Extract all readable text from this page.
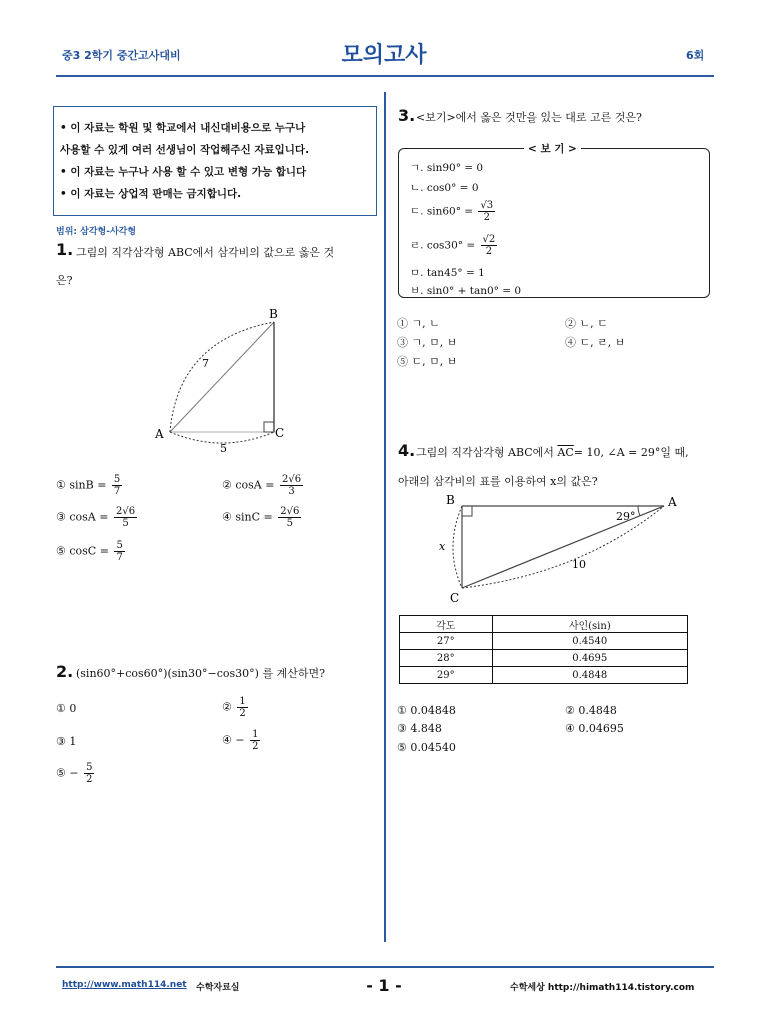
중3 2학기 중간고사대비	모의고사	6회
• 이 자료는 학원 및 학교에서 내신대비용으로 누구나
사용할 수 있게 여러 선생님이 작업해주신 자료입니다.
• 이 자료는 누구나 사용 할 수 있고 변형 가능 합니다
• 이 자료는 상업적 판매는 금지합니다.
범위: 삼각형-사각형
1. 그림의 직각삼각형 ABC에서 삼각비의 값으로 옳은 것
은?
A
B
C
7
5
① $\sin B = \frac{5}{7}$	② $\cos A = \frac{2√6}{3}$
③ $\cos A = \frac{2√6}{5}$	④ $\sin C = \frac{2√6}{5}$
⑤ $\cos C = \frac{5}{7}$
2. (sin60°+cos60°)(sin30°−cos30°) 를 계산하면?
① 0	② $\frac{1}{2}$
③ 1	④ − $\frac{1}{2}$
⑤ − $\frac{5}{2}$
3. <보기>에서 옳은 것만을 있는 대로 고른 것은?
< 보 기 >
ㄱ. sin90° = 0
ㄴ. cos0° = 0
ㄷ. $\sin 60^\circ = \frac{√3}{2}$
ㄹ. $\cos 30^\circ = \frac{√2}{2}$
ㅁ. tan45° = 1
ㅂ. sin0° + tan0° = 0
① ㄱ, ㄴ	② ㄴ, ㄷ
③ ㄱ, ㅁ, ㅂ	④ ㄷ, ㄹ, ㅂ
⑤ ㄷ, ㅁ, ㅂ
4. 그림의 직각삼각형 ABC에서 $\overline{AC}= 10$, ∠A = 29°일 때,
아래의 삼각비의 표를 이용하여 x의 값은?
B	A
C
29°
x
10
각도	사인(sin)
27°	0.4540
28°	0.4695
29°	0.4848
① 0.04848	② 0.4848
③ 4.848	④ 0.04695
⑤ 0.04540
http://www.math114.net 수학자료실	- 1 -	수학세상 http://himath114.tistory.com
